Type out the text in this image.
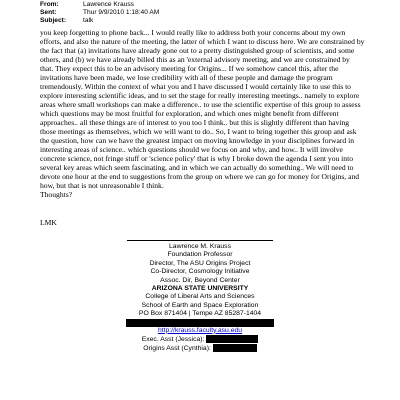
From:	Lawrence Krauss
Sent:	Thur 9/9/2010 1:18:40 AM
Subject:	talk

you keep forgetting to phone back... I would really like to address both your concerns about my own efforts, and also the nature of the meeting, the latter of which I want to discuss here. We are constrained by the fact that (a) invitations have already gone out to a pretty distinguished group of scientists, and some others, and (b) we have already billed this as an 'external advisory meeting, and we are constrained by that. They expect this to be an advisory meeting for Origins... If we somehow cancel this, after the invitations have been made, we lose credibility with all of these people and damage the program tremendously. Within the context of what you and I have discussed I would certainly like to use this to explore interesting scientific ideas, and to set the stage for really interesting meetings.. namely to explore areas where small workshops can make a difference.. to use the scientific expertise of this group to assess which questions may be most fruitful for exploration, and which ones might benefit from different approaches.. all these things are of interest to you too I think.. but this is slightly different than having those meetings as themselves, which we will want to do.. So, I want to bring together this group and ask the question, how can we have the greatest impact on moving knowledge in your disciplines forward in interesting areas of science.. which questions should we focus on and why, and how.. It will involve concrete science, not fringe stuff or 'science policy' that is why I broke down the agenda I sent you into several key areas which seem fascinating, and in which we can actually do something.. We will need to devote one hour at the end to suggestions from the group on where we can go for money for Origins, and how, but that is not unreasonable I think.

Thoughts?

LMK
Lawrence M. Krauss
Foundation Professor
Director, The ASU Origins Project
Co-Director, Cosmology Initiative
Assoc. Dir, Beyond Center
ARIZONA STATE UNIVERSITY
College of Liberal Arts and Sciences
School of Earth and Space Exploration
PO Box 871404 | Tempe AZ 85287-1404
http://krauss.faculty.asu.edu
Exec. Asst (Jessica):
Origins Asst (Cynthia):
